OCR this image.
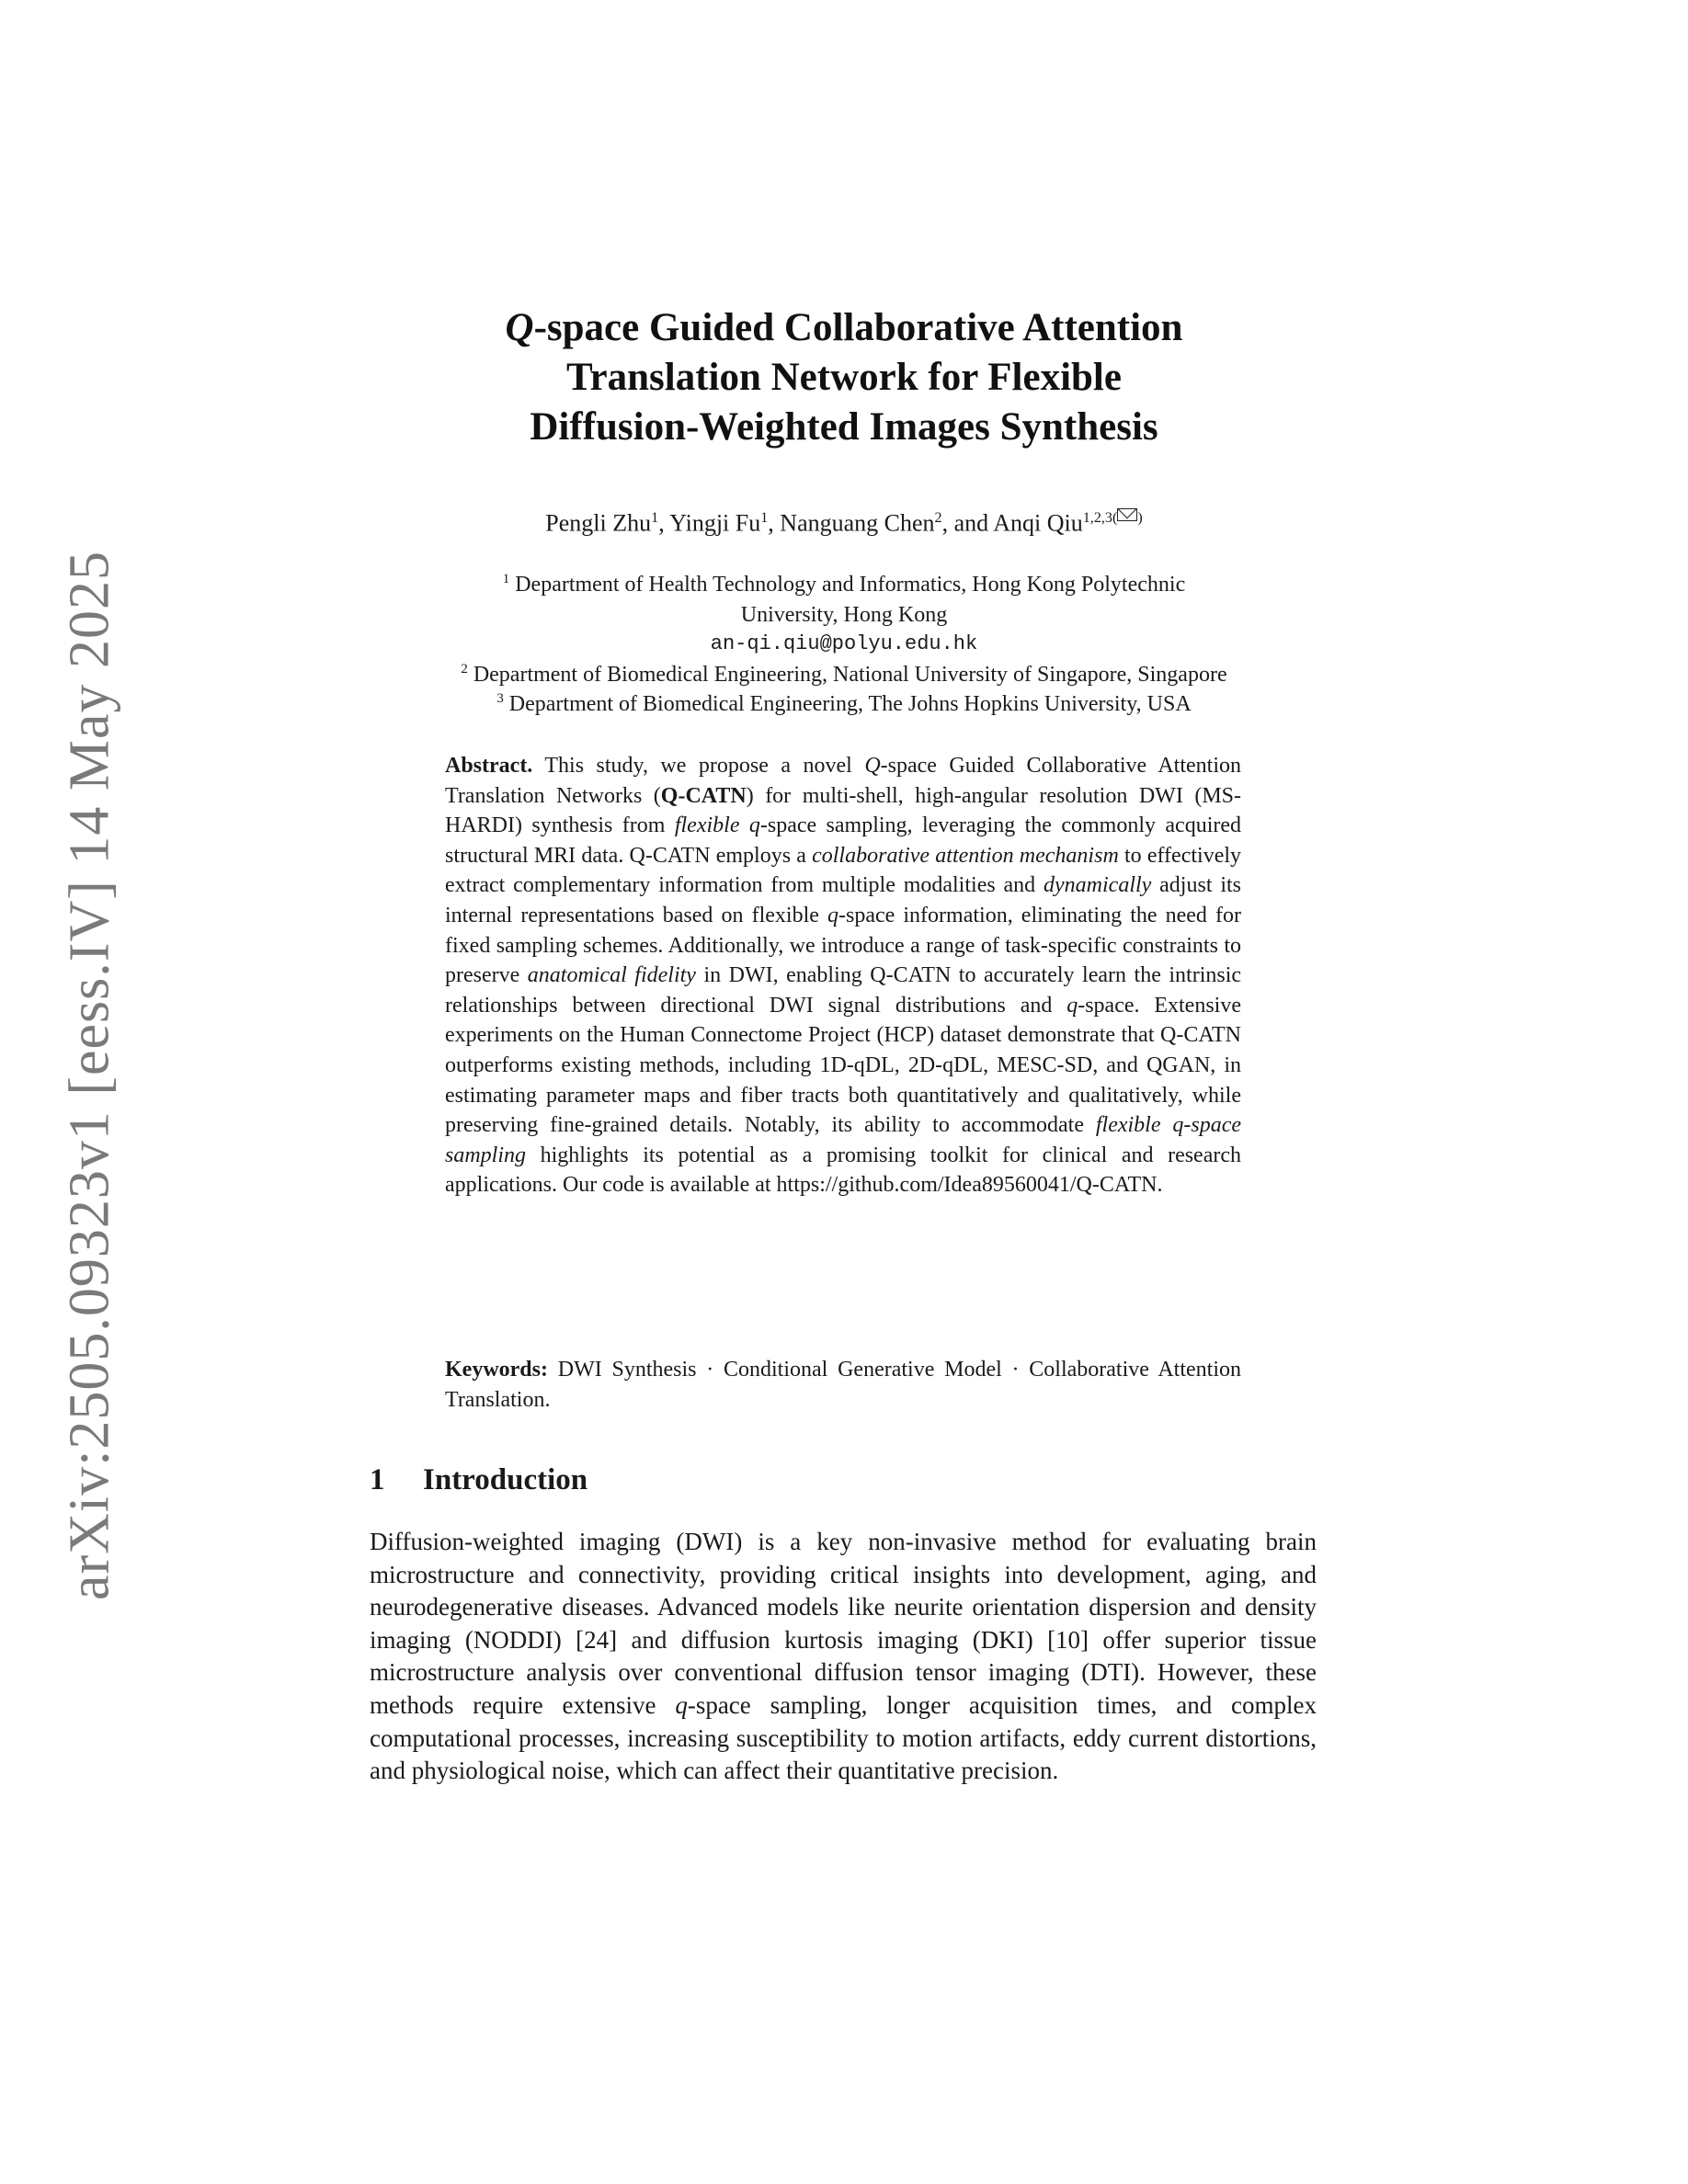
arXiv:2505.09323v1 [eess.IV] 14 May 2025
Q-space Guided Collaborative Attention
Translation Network for Flexible
Diffusion-Weighted Images Synthesis
Pengli Zhu$^1$, Yingji Fu$^1$, Nanguang Chen$^2$, and Anqi Qiu$^{1,2,3( )}$
$^1$ Department of Health Technology and Informatics, Hong Kong Polytechnic
University, Hong Kong
an-qi.qiu@polyu.edu.hk
$^2$ Department of Biomedical Engineering, National University of Singapore, Singapore
$^3$ Department of Biomedical Engineering, The Johns Hopkins University, USA
Abstract. This study, we propose a novel Q-space Guided Collaborative Attention Translation Networks (Q-CATN) for multi-shell, high-angular resolution DWI (MS-HARDI) synthesis from flexible q-space sampling, leveraging the commonly acquired structural MRI data. Q-CATN employs a collaborative attention mechanism to effectively extract complementary information from multiple modalities and dynamically adjust its internal representations based on flexible q-space information, eliminating the need for fixed sampling schemes. Additionally, we introduce a range of task-specific constraints to preserve anatomical fidelity in DWI, enabling Q-CATN to accurately learn the intrinsic relationships between directional DWI signal distributions and q-space. Extensive experiments on the Human Connectome Project (HCP) dataset demonstrate that Q-CATN outperforms existing methods, including 1D-qDL, 2D-qDL, MESC-SD, and QGAN, in estimating parameter maps and fiber tracts both quantitatively and qualitatively, while preserving fine-grained details. Notably, its ability to accommodate flexible q-space sampling highlights its potential as a promising toolkit for clinical and research applications. Our code is available at https://github.com/Idea89560041/Q-CATN.
Keywords: DWI Synthesis · Conditional Generative Model · Collaborative Attention Translation.
1 Introduction
Diffusion-weighted imaging (DWI) is a key non-invasive method for evaluating brain microstructure and connectivity, providing critical insights into development, aging, and neurodegenerative diseases. Advanced models like neurite orientation dispersion and density imaging (NODDI) [24] and diffusion kurtosis imaging (DKI) [10] offer superior tissue microstructure analysis over conventional diffusion tensor imaging (DTI). However, these methods require extensive q-space sampling, longer acquisition times, and complex computational processes, increasing susceptibility to motion artifacts, eddy current distortions, and physiological noise, which can affect their quantitative precision.
